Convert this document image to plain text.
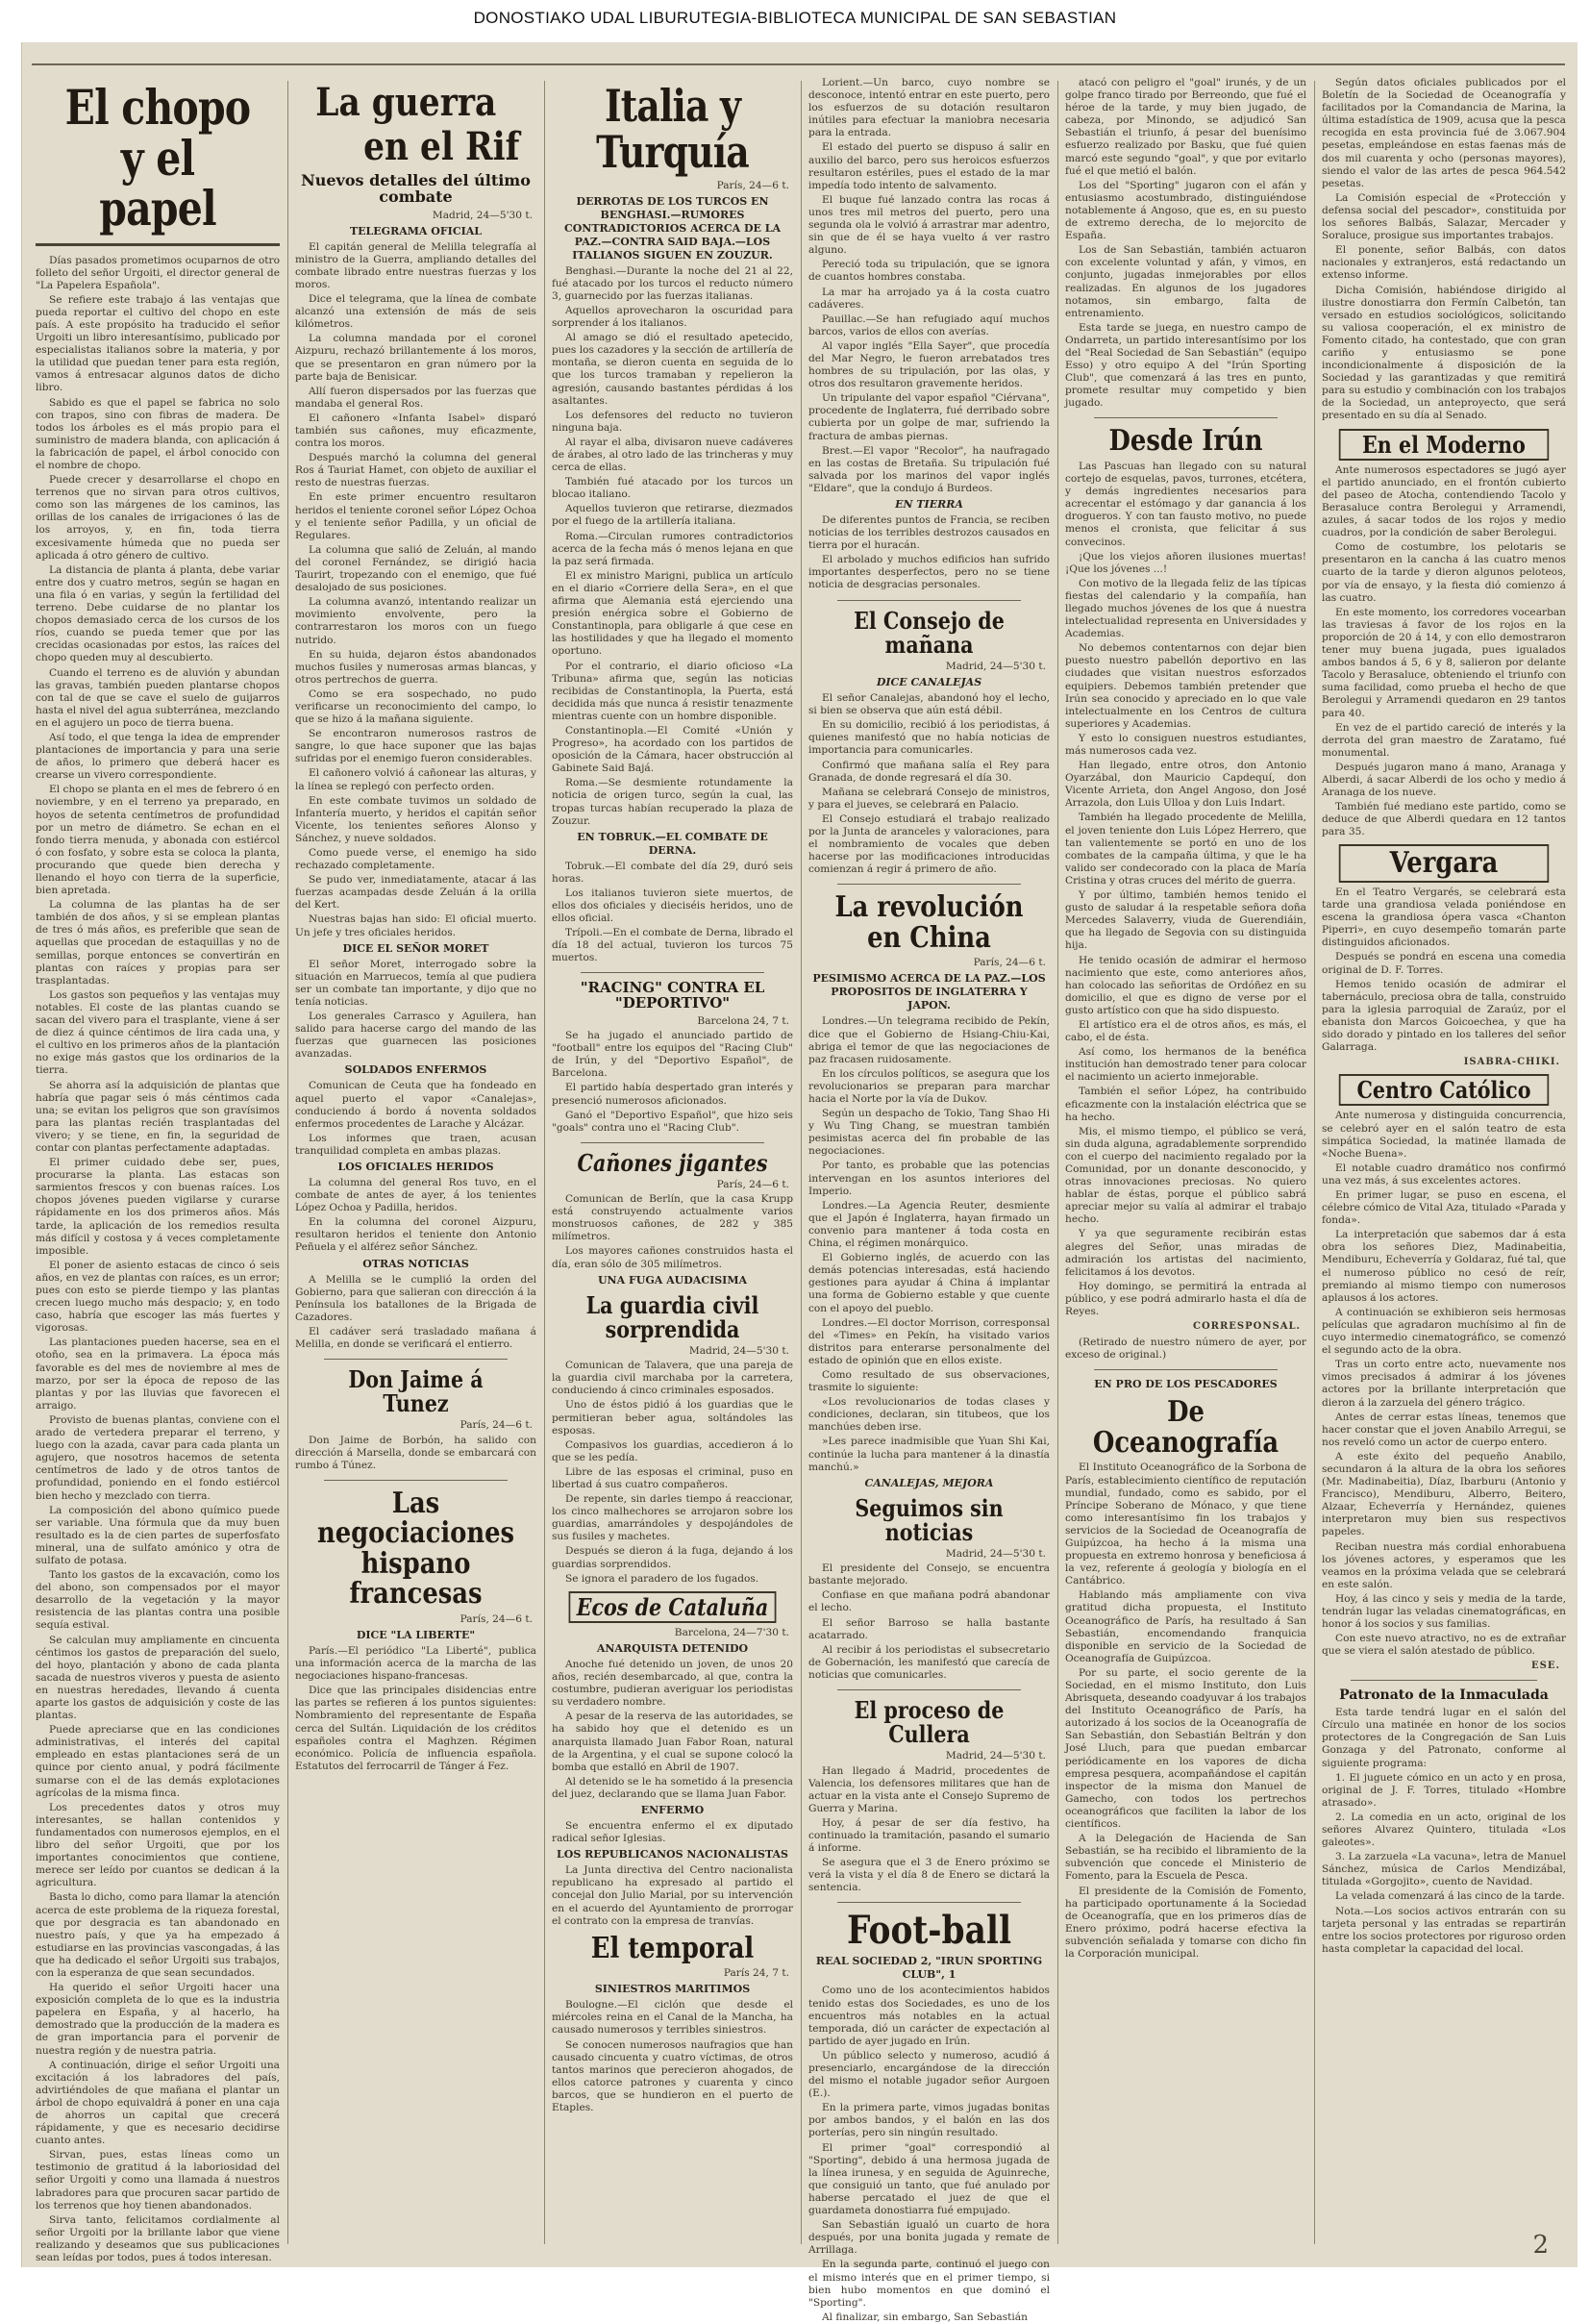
DONOSTIAKO UDAL LIBURUTEGIA-BIBLIOTECA MUNICIPAL DE SAN SEBASTIAN
El chopo y el papel

Días pasados prometimos ocuparnos de otro folleto del señor Urgoiti, el director general de "La Papelera Española".

Se refiere este trabajo á las ventajas que pueda reportar el cultivo del chopo en este país. A este propósito ha traducido el señor Urgoiti un libro interesantísimo, publicado por especialistas italianos sobre la materia, y por la utilidad que puedan tener para esta región, vamos á entresacar algunos datos de dicho libro.

Sabido es que el papel se fabrica no solo con trapos, sino con fibras de madera. De todos los árboles es el más propio para el suministro de madera blanda, con aplicación á la fabricación de papel, el árbol conocido con el nombre de chopo.

Puede crecer y desarrollarse el chopo en terrenos que no sirvan para otros cultivos, como son las márgenes de los caminos, las orillas de los canales de irrigaciones ó las de los arroyos, y, en fin, toda tierra excesivamente húmeda que no pueda ser aplicada á otro género de cultivo.

La distancia de planta á planta, debe variar entre dos y cuatro metros, según se hagan en una fila ó en varias, y según la fertilidad del terreno. Debe cuidarse de no plantar los chopos demasiado cerca de los cursos de los ríos, cuando se pueda temer que por las crecidas ocasionadas por estos, las raíces del chopo queden muy al descubierto.

Cuando el terreno es de aluvión y abundan las gravas, también pueden plantarse chopos con tal de que se cave el suelo de guijarros hasta el nivel del agua subterránea, mezclando en el agujero un poco de tierra buena.

Así todo, el que tenga la idea de emprender plantaciones de importancia y para una serie de años, lo primero que deberá hacer es crearse un vivero correspondiente.

El chopo se planta en el mes de febrero ó en noviembre, y en el terreno ya preparado, en hoyos de setenta centímetros de profundidad por un metro de diámetro. Se echan en el fondo tierra menuda, y abonada con estiércol ó con fosfato, y sobre esta se coloca la planta, procurando que quede bien derecha y llenando el hoyo con tierra de la superficie, bien apretada.

La columna de las plantas ha de ser también de dos años, y si se emplean plantas de tres ó más años, es preferible que sean de aquellas que procedan de estaquillas y no de semillas, porque entonces se convertirán en plantas con raíces y propias para ser trasplantadas.

Los gastos son pequeños y las ventajas muy notables. El coste de las plantas cuando se sacan del vivero para el trasplante, viene á ser de diez á quince céntimos de lira cada una, y el cultivo en los primeros años de la plantación no exige más gastos que los ordinarios de la tierra.

Se ahorra así la adquisición de plantas que habría que pagar seis ó más céntimos cada una; se evitan los peligros que son gravísimos para las plantas recién trasplantadas del vivero; y se tiene, en fin, la seguridad de contar con plantas perfectamente adaptadas.

El primer cuidado debe ser, pues, procurarse la planta. Las estacas son sarmientos frescos y con buenas raíces. Los chopos jóvenes pueden vigilarse y curarse rápidamente en los dos primeros años. Más tarde, la aplicación de los remedios resulta más difícil y costosa y á veces completamente imposible.

El poner de asiento estacas de cinco ó seis años, en vez de plantas con raíces, es un error; pues con esto se pierde tiempo y las plantas crecen luego mucho más despacio; y, en todo caso, habría que escoger las más fuertes y vigorosas.

Las plantaciones pueden hacerse, sea en el otoño, sea en la primavera. La época más favorable es del mes de noviembre al mes de marzo, por ser la época de reposo de las plantas y por las lluvias que favorecen el arraigo.

Provisto de buenas plantas, conviene con el arado de vertedera preparar el terreno, y luego con la azada, cavar para cada planta un agujero, que nosotros hacemos de setenta centímetros de lado y de otros tantos de profundidad, poniendo en el fondo estiércol bien hecho y mezclado con tierra.

La composición del abono químico puede ser variable. Una fórmula que da muy buen resultado es la de cien partes de superfosfato mineral, una de sulfato amónico y otra de sulfato de potasa.

Tanto los gastos de la excavación, como los del abono, son compensados por el mayor desarrollo de la vegetación y la mayor resistencia de las plantas contra una posible sequía estival.

Se calculan muy ampliamente en cincuenta céntimos los gastos de preparación del suelo, del hoyo, plantación y abono de cada planta sacada de nuestros viveros y puesta de asiento en nuestras heredades, llevando á cuenta aparte los gastos de adquisición y coste de las plantas.

Puede apreciarse que en las condiciones administrativas, el interés del capital empleado en estas plantaciones será de un quince por ciento anual, y podrá fácilmente sumarse con el de las demás explotaciones agrícolas de la misma finca.

Los precedentes datos y otros muy interesantes, se hallan contenidos y fundamentados con numerosos ejemplos, en el libro del señor Urgoiti, que por los importantes conocimientos que contiene, merece ser leído por cuantos se dedican á la agricultura.

Basta lo dicho, como para llamar la atención acerca de este problema de la riqueza forestal, que por desgracia es tan abandonado en nuestro país, y que ya ha empezado á estudiarse en las provincias vascongadas, á las que ha dedicado el señor Urgoiti sus trabajos, con la esperanza de que sean secundados.

Ha querido el señor Urgoiti hacer una exposición completa de lo que es la industria papelera en España, y al hacerlo, ha demostrado que la producción de la madera es de gran importancia para el porvenir de nuestra región y de nuestra patria.

A continuación, dirige el señor Urgoiti una excitación á los labradores del país, advirtiéndoles de que mañana el plantar un árbol de chopo equivaldrá á poner en una caja de ahorros un capital que crecerá rápidamente, y que es necesario decidirse cuanto antes.

Sirvan, pues, estas líneas como un testimonio de gratitud á la laboriosidad del señor Urgoiti y como una llamada á nuestros labradores para que procuren sacar partido de los terrenos que hoy tienen abandonados.

Sirva tanto, felicitamos cordialmente al señor Urgoiti por la brillante labor que viene realizando y deseamos que sus publicaciones sean leídas por todos, pues á todos interesan.

La guerra
en el Rif
Nuevos detalles del último combate
Madrid, 24—5'30 t.
TELEGRAMA OFICIAL

El capitán general de Melilla telegrafía al ministro de la Guerra, ampliando detalles del combate librado entre nuestras fuerzas y los moros.

Dice el telegrama, que la línea de combate alcanzó una extensión de más de seis kilómetros.

La columna mandada por el coronel Aizpuru, rechazó brillantemente á los moros, que se presentaron en gran número por la parte baja de Benisicar.

Allí fueron dispersados por las fuerzas que mandaba el general Ros.

El cañonero «Infanta Isabel» disparó también sus cañones, muy eficazmente, contra los moros.

Después marchó la columna del general Ros á Tauriat Hamet, con objeto de auxiliar el resto de nuestras fuerzas.

En este primer encuentro resultaron heridos el teniente coronel señor López Ochoa y el teniente señor Padilla, y un oficial de Regulares.

La columna que salió de Zeluán, al mando del coronel Fernández, se dirigió hacia Taurirt, tropezando con el enemigo, que fué desalojado de sus posiciones.

La columna avanzó, intentando realizar un movimiento envolvente, pero la contrarrestaron los moros con un fuego nutrido.

En su huida, dejaron éstos abandonados muchos fusiles y numerosas armas blancas, y otros pertrechos de guerra.

Como se era sospechado, no pudo verificarse un reconocimiento del campo, lo que se hizo á la mañana siguiente.

Se encontraron numerosos rastros de sangre, lo que hace suponer que las bajas sufridas por el enemigo fueron considerables.

El cañonero volvió á cañonear las alturas, y la línea se replegó con perfecto orden.

En este combate tuvimos un soldado de Infantería muerto, y heridos el capitán señor Vicente, los tenientes señores Alonso y Sánchez, y nueve soldados.

Como puede verse, el enemigo ha sido rechazado completamente.

Se pudo ver, inmediatamente, atacar á las fuerzas acampadas desde Zeluán á la orilla del Kert.

Nuestras bajas han sido: El oficial muerto. Un jefe y tres oficiales heridos.

DICE EL SEÑOR MORET

El señor Moret, interrogado sobre la situación en Marruecos, temía al que pudiera ser un combate tan importante, y dijo que no tenía noticias.

Los generales Carrasco y Aguilera, han salido para hacerse cargo del mando de las fuerzas que guarnecen las posiciones avanzadas.

SOLDADOS ENFERMOS

Comunican de Ceuta que ha fondeado en aquel puerto el vapor «Canalejas», conduciendo á bordo á noventa soldados enfermos procedentes de Larache y Alcázar.

Los informes que traen, acusan tranquilidad completa en ambas plazas.

LOS OFICIALES HERIDOS

La columna del general Ros tuvo, en el combate de antes de ayer, á los tenientes López Ochoa y Padilla, heridos.

En la columna del coronel Aizpuru, resultaron heridos el teniente don Antonio Peñuela y el alférez señor Sánchez.

OTRAS NOTICIAS

A Melilla se le cumplió la orden del Gobierno, para que salieran con dirección á la Península los batallones de la Brigada de Cazadores.

El cadáver será trasladado mañana á Melilla, en donde se verificará el entierro.

Don Jaime á Tunez
París, 24—6 t.

Don Jaime de Borbón, ha salido con dirección á Marsella, donde se embarcará con rumbo á Túnez.

Las negociaciones hispano francesas
París, 24—6 t.
DICE "LA LIBERTE"

París.—El periódico "La Liberté", publica una información acerca de la marcha de las negociaciones hispano-francesas.

Dice que las principales disidencias entre las partes se refieren á los puntos siguientes: Nombramiento del representante de España cerca del Sultán. Liquidación de los créditos españoles contra el Maghzen. Régimen económico. Policía de influencia española. Estatutos del ferrocarril de Tánger á Fez.

Italia y Turquía
París, 24—6 t.
DERROTAS DE LOS TURCOS EN BENGHASI.—RUMORES CONTRADICTORIOS ACERCA DE LA PAZ.—CONTRA SAID BAJA.—LOS ITALIANOS SIGUEN EN ZOUZUR.

Benghasi.—Durante la noche del 21 al 22, fué atacado por los turcos el reducto número 3, guarnecido por las fuerzas italianas.

Aquellos aprovecharon la oscuridad para sorprender á los italianos.

Al amago se dió el resultado apetecido, pues los cazadores y la sección de artillería de montaña, se dieron cuenta en seguida de lo que los turcos tramaban y repelieron la agresión, causando bastantes pérdidas á los asaltantes.

Los defensores del reducto no tuvieron ninguna baja.

Al rayar el alba, divisaron nueve cadáveres de árabes, al otro lado de las trincheras y muy cerca de ellas.

También fué atacado por los turcos un blocao italiano.

Aquellos tuvieron que retirarse, diezmados por el fuego de la artillería italiana.

Roma.—Circulan rumores contradictorios acerca de la fecha más ó menos lejana en que la paz será firmada.

El ex ministro Marigni, publica un artículo en el diario «Corriere della Sera», en el que afirma que Alemania está ejerciendo una presión enérgica sobre el Gobierno de Constantinopla, para obligarle á que cese en las hostilidades y que ha llegado el momento oportuno.

Por el contrario, el diario oficioso «La Tribuna» afirma que, según las noticias recibidas de Constantinopla, la Puerta, está decidida más que nunca á resistir tenazmente mientras cuente con un hombre disponible.

Constantinopla.—El Comité «Unión y Progreso», ha acordado con los partidos de oposición de la Cámara, hacer obstrucción al Gabinete Said Bajá.

Roma.—Se desmiente rotundamente la noticia de origen turco, según la cual, las tropas turcas habían recuperado la plaza de Zouzur.

EN TOBRUK.—EL COMBATE DE DERNA.

Tobruk.—El combate del día 29, duró seis horas.

Los italianos tuvieron siete muertos, de ellos dos oficiales y dieciséis heridos, uno de ellos oficial.

Trípoli.—En el combate de Derna, librado el día 18 del actual, tuvieron los turcos 75 muertos.

"RACING" CONTRA EL "DEPORTIVO"
Barcelona 24, 7 t.

Se ha jugado el anunciado partido de "football" entre los equipos del "Racing Club" de Irún, y del "Deportivo Español", de Barcelona.

El partido había despertado gran interés y presenció numerosos aficionados.

Ganó el "Deportivo Español", que hizo seis "goals" contra uno el "Racing Club".

Cañones jigantes
París, 24—6 t.

Comunican de Berlín, que la casa Krupp está construyendo actualmente varios monstruosos cañones, de 282 y 385 milímetros.

Los mayores cañones construidos hasta el día, eran sólo de 305 milímetros.

UNA FUGA AUDACISIMA
La guardia civil sorprendida
Madrid, 24—5'30 t.

Comunican de Talavera, que una pareja de la guardia civil marchaba por la carretera, conduciendo á cinco criminales esposados.

Uno de éstos pidió á los guardias que le permitieran beber agua, soltándoles las esposas.

Compasivos los guardias, accedieron á lo que se les pedía.

Libre de las esposas el criminal, puso en libertad á sus cuatro compañeros.

De repente, sin darles tiempo á reaccionar, los cinco malhechores se arrojaron sobre los guardias, amarrándoles y despojándoles de sus fusiles y machetes.

Después se dieron á la fuga, dejando á los guardias sorprendidos.

Se ignora el paradero de los fugados.

Ecos de Cataluña
Barcelona, 24—7'30 t.
ANARQUISTA DETENIDO

Anoche fué detenido un joven, de unos 20 años, recién desembarcado, al que, contra la costumbre, pudieran averiguar los periodistas su verdadero nombre.

A pesar de la reserva de las autoridades, se ha sabido hoy que el detenido es un anarquista llamado Juan Fabor Roan, natural de la Argentina, y el cual se supone colocó la bomba que estalló en Abril de 1907.

Al detenido se le ha sometido á la presencia del juez, declarando que se llama Juan Fabor.

ENFERMO

Se encuentra enfermo el ex diputado radical señor Iglesias.

LOS REPUBLICANOS NACIONALISTAS

La Junta directiva del Centro nacionalista republicano ha expresado al partido el concejal don Julio Marial, por su intervención en el acuerdo del Ayuntamiento de prorrogar el contrato con la empresa de tranvías.

El temporal
París 24, 7 t.
SINIESTROS MARITIMOS

Boulogne.—El ciclón que desde el miércoles reina en el Canal de la Mancha, ha causado numerosos y terribles siniestros.

Se conocen numerosos naufragios que han causado cincuenta y cuatro víctimas, de otros tantos marinos que perecieron ahogados, de ellos catorce patrones y cuarenta y cinco barcos, que se hundieron en el puerto de Etaples.

Lorient.—Un barco, cuyo nombre se desconoce, intentó entrar en este puerto, pero los esfuerzos de su dotación resultaron inútiles para efectuar la maniobra necesaria para la entrada.

El estado del puerto se dispuso á salir en auxilio del barco, pero sus heroicos esfuerzos resultaron estériles, pues el estado de la mar impedía todo intento de salvamento.

El buque fué lanzado contra las rocas á unos tres mil metros del puerto, pero una segunda ola le volvió á arrastrar mar adentro, sin que de él se haya vuelto á ver rastro alguno.

Pereció toda su tripulación, que se ignora de cuantos hombres constaba.

La mar ha arrojado ya á la costa cuatro cadáveres.

Pauillac.—Se han refugiado aquí muchos barcos, varios de ellos con averías.

Al vapor inglés "Ella Sayer", que procedía del Mar Negro, le fueron arrebatados tres hombres de su tripulación, por las olas, y otros dos resultaron gravemente heridos.

Un tripulante del vapor español "Ciérvana", procedente de Inglaterra, fué derribado sobre cubierta por un golpe de mar, sufriendo la fractura de ambas piernas.

Brest.—El vapor "Recolor", ha naufragado en las costas de Bretaña. Su tripulación fué salvada por los marinos del vapor inglés "Eldare", que la condujo á Burdeos.

EN TIERRA

De diferentes puntos de Francia, se reciben noticias de los terribles destrozos causados en tierra por el huracán.

El arbolado y muchos edificios han sufrido importantes desperfectos, pero no se tiene noticia de desgracias personales.

El Consejo de mañana
Madrid, 24—5'30 t.
DICE CANALEJAS

El señor Canalejas, abandonó hoy el lecho, si bien se observa que aún está débil.

En su domicilio, recibió á los periodistas, á quienes manifestó que no había noticias de importancia para comunicarles.

Confirmó que mañana salía el Rey para Granada, de donde regresará el día 30.

Mañana se celebrará Consejo de ministros, y para el jueves, se celebrará en Palacio.

El Consejo estudiará el trabajo realizado por la Junta de aranceles y valoraciones, para el nombramiento de vocales que deben hacerse por las modificaciones introducidas comienzan á regir á primero de año.

La revolución en China
París, 24—6 t.
PESIMISMO ACERCA DE LA PAZ.—LOS PROPOSITOS DE INGLATERRA Y JAPON.

Londres.—Un telegrama recibido de Pekín, dice que el Gobierno de Hsiang-Chiu-Kai, abriga el temor de que las negociaciones de paz fracasen ruidosamente.

En los círculos políticos, se asegura que los revolucionarios se preparan para marchar hacia el Norte por la vía de Dukov.

Según un despacho de Tokio, Tang Shao Hi y Wu Ting Chang, se muestran también pesimistas acerca del fin probable de las negociaciones.

Por tanto, es probable que las potencias intervengan en los asuntos interiores del Imperio.

Londres.—La Agencia Reuter, desmiente que el Japón é Inglaterra, hayan firmado un convenio para mantener á toda costa en China, el régimen monárquico.

El Gobierno inglés, de acuerdo con las demás potencias interesadas, está haciendo gestiones para ayudar á China á implantar una forma de Gobierno estable y que cuente con el apoyo del pueblo.

Londres.—El doctor Morrison, corresponsal del «Times» en Pekín, ha visitado varios distritos para enterarse personalmente del estado de opinión que en ellos existe.

Como resultado de sus observaciones, trasmite lo siguiente:

«Los revolucionarios de todas clases y condiciones, declaran, sin titubeos, que los manchúes deben irse.

»Les parece inadmisible que Yuan Shi Kai, continúe la lucha para mantener á la dinastía manchú.»

CANALEJAS, MEJORA
Seguimos sin noticias
Madrid, 24—5'30 t.

El presidente del Consejo, se encuentra bastante mejorado.

Confiase en que mañana podrá abandonar el lecho.

El señor Barroso se halla bastante acatarrado.

Al recibir á los periodistas el subsecretario de Gobernación, les manifestó que carecía de noticias que comunicarles.

El proceso de Cullera
Madrid, 24—5'30 t.

Han llegado á Madrid, procedentes de Valencia, los defensores militares que han de actuar en la vista ante el Consejo Supremo de Guerra y Marina.

Hoy, á pesar de ser día festivo, ha continuado la tramitación, pasando el sumario á informe.

Se asegura que el 3 de Enero próximo se verá la vista y el día 8 de Enero se dictará la sentencia.

Foot-ball
REAL SOCIEDAD 2, "IRUN SPORTING CLUB", 1

Como uno de los acontecimientos habidos tenido estas dos Sociedades, es uno de los encuentros más notables en la actual temporada, dió un carácter de expectación al partido de ayer jugado en Irún.

Un público selecto y numeroso, acudió á presenciarlo, encargándose de la dirección del mismo el notable jugador señor Aurgoen (E.).

En la primera parte, vimos jugadas bonitas por ambos bandos, y el balón en las dos porterías, pero sin ningún resultado.

El primer "goal" correspondió al "Sporting", debido á una hermosa jugada de la línea irunesa, y en seguida de Aguinreche, que consiguió un tanto, que fué anulado por haberse percatado el juez de que el guardameta donostiarra fué empujado.

San Sebastián igualó un cuarto de hora después, por una bonita jugada y remate de Arrillaga.

En la segunda parte, continuó el juego con el mismo interés que en el primer tiempo, si bien hubo momentos en que dominó el "Sporting".

Al finalizar, sin embargo, San Sebastián

atacó con peligro el "goal" irunés, y de un golpe franco tirado por Berreondo, que fué el héroe de la tarde, y muy bien jugado, de cabeza, por Minondo, se adjudicó San Sebastián el triunfo, á pesar del buenísimo esfuerzo realizado por Basku, que fué quien marcó este segundo "goal", y que por evitarlo fué el que metió el balón.

Los del "Sporting" jugaron con el afán y entusiasmo acostumbrado, distinguiéndose notablemente á Angoso, que es, en su puesto de extremo derecha, de lo mejorcito de España.

Los de San Sebastián, también actuaron con excelente voluntad y afán, y vimos, en conjunto, jugadas inmejorables por ellos realizadas. En algunos de los jugadores notamos, sin embargo, falta de entrenamiento.

Esta tarde se juega, en nuestro campo de Ondarreta, un partido interesantísimo por los del "Real Sociedad de San Sebastián" (equipo Esso) y otro equipo A del "Irún Sporting Club", que comenzará á las tres en punto, promete resultar muy competido y bien jugado.

Desde Irún

Las Pascuas han llegado con su natural cortejo de esquelas, pavos, turrones, etcétera, y demás ingredientes necesarios para acrecentar el estómago y dar ganancia á los drogueros. Y con tan fausto motivo, no puede menos el cronista, que felicitar á sus convecinos.

¡Que los viejos añoren ilusiones muertas! ¡Que los jóvenes ...!

Con motivo de la llegada feliz de las típicas fiestas del calendario y la compañía, han llegado muchos jóvenes de los que á nuestra intelectualidad representa en Universidades y Academias.

No debemos contentarnos con dejar bien puesto nuestro pabellón deportivo en las ciudades que visitan nuestros esforzados equipiers. Debemos también pretender que Irún sea conocido y apreciado en lo que vale intelectualmente en los Centros de cultura superiores y Academias.

Y esto lo consiguen nuestros estudiantes, más numerosos cada vez.

Han llegado, entre otros, don Antonio Oyarzábal, don Mauricio Capdequí, don Vicente Arrieta, don Angel Angoso, don José Arrazola, don Luis Ulloa y don Luis Indart.

También ha llegado procedente de Melilla, el joven teniente don Luis López Herrero, que tan valientemente se portó en uno de los combates de la campaña última, y que le ha valido ser condecorado con la placa de María Cristina y otras cruces del mérito de guerra.

Y por último, también hemos tenido el gusto de saludar á la respetable señora doña Mercedes Salaverry, viuda de Guerendiáin, que ha llegado de Segovia con su distinguida hija.

He tenido ocasión de admirar el hermoso nacimiento que este, como anteriores años, han colocado las señoritas de Ordóñez en su domicilio, el que es digno de verse por el gusto artístico con que ha sido dispuesto.

El artístico era el de otros años, es más, el cabo, el de ésta.

Así como, los hermanos de la benéfica institución han demostrado tener para colocar el nacimiento un acierto inmejorable.

También el señor López, ha contribuido eficazmente con la instalación eléctrica que se ha hecho.

Mis, el mismo tiempo, el público se verá, sin duda alguna, agradablemente sorprendido con el cuerpo del nacimiento regalado por la Comunidad, por un donante desconocido, y otras innovaciones preciosas. No quiero hablar de éstas, porque el público sabrá apreciar mejor su valía al admirar el trabajo hecho.

Y ya que seguramente recibirán estas alegres del Señor, unas miradas de admiración los artistas del nacimiento, felicitamos á los devotos.

Hoy domingo, se permitirá la entrada al público, y ese podrá admirarlo hasta el día de Reyes.

CORRESPONSAL.

(Retirado de nuestro número de ayer, por exceso de original.)

EN PRO DE LOS PESCADORES
De Oceanografía

El Instituto Oceanográfico de la Sorbona de París, establecimiento científico de reputación mundial, fundado, como es sabido, por el Príncipe Soberano de Mónaco, y que tiene como interesantísimo fin los trabajos y servicios de la Sociedad de Oceanografía de Guipúzcoa, ha hecho á la misma una propuesta en extremo honrosa y beneficiosa á la vez, referente á geología y biología en el Cantábrico.

Hablando más ampliamente con viva gratitud dicha propuesta, el Instituto Oceanográfico de París, ha resultado á San Sebastián, encomendando franquicia disponible en servicio de la Sociedad de Oceanografía de Guipúzcoa.

Por su parte, el socio gerente de la Sociedad, en el mismo Instituto, don Luis Abrisqueta, deseando coadyuvar á los trabajos del Instituto Oceanográfico de París, ha autorizado á los socios de la Oceanografía de San Sebastián, don Sebastián Beltrán y don José Lluch, para que puedan embarcar periódicamente en los vapores de dicha empresa pesquera, acompañándose el capitán inspector de la misma don Manuel de Gamecho, con todos los pertrechos oceanográficos que faciliten la labor de los científicos.

A la Delegación de Hacienda de San Sebastián, se ha recibido el libramiento de la subvención que concede el Ministerio de Fomento, para la Escuela de Pesca.

El presidente de la Comisión de Fomento, ha participado oportunamente á la Sociedad de Oceanografía, que en los primeros días de Enero próximo, podrá hacerse efectiva la subvención señalada y tomarse con dicho fin la Corporación municipal.

Según datos oficiales publicados por el Boletín de la Sociedad de Oceanografía y facilitados por la Comandancia de Marina, la última estadística de 1909, acusa que la pesca recogida en esta provincia fué de 3.067.904 pesetas, empleándose en estas faenas más de dos mil cuarenta y ocho (personas mayores), siendo el valor de las artes de pesca 964.542 pesetas.

La Comisión especial de «Protección y defensa social del pescador», constituida por los señores Balbás, Salazar, Mercader y Soraluce, prosigue sus importantes trabajos.

El ponente, señor Balbás, con datos nacionales y extranjeros, está redactando un extenso informe.

Dicha Comisión, habiéndose dirigido al ilustre donostiarra don Fermín Calbetón, tan versado en estudios sociológicos, solicitando su valiosa cooperación, el ex ministro de Fomento citado, ha contestado, que con gran cariño y entusiasmo se pone incondicionalmente á disposición de la Sociedad y las garantizadas y que remitirá para su estudio y combinación con los trabajos de la Sociedad, un anteproyecto, que será presentado en su día al Senado.

En el Moderno

Ante numerosos espectadores se jugó ayer el partido anunciado, en el frontón cubierto del paseo de Atocha, contendiendo Tacolo y Berasaluce contra Berolegui y Arramendi, azules, á sacar todos de los rojos y medio cuadros, por la condición de saber Berolegui.

Como de costumbre, los pelotaris se presentaron en la cancha á las cuatro menos cuarto de la tarde y dieron algunos peloteos, por vía de ensayo, y la fiesta dió comienzo á las cuatro.

En este momento, los corredores vocearban las traviesas á favor de los rojos en la proporción de 20 á 14, y con ello demostraron tener muy buena jugada, pues igualados ambos bandos á 5, 6 y 8, salieron por delante Tacolo y Berasaluce, obteniendo el triunfo con suma facilidad, como prueba el hecho de que Berolegui y Arramendi quedaron en 29 tantos para 40.

En vez de el partido careció de interés y la derrota del gran maestro de Zaratamo, fué monumental.

Después jugaron mano á mano, Aranaga y Alberdi, á sacar Alberdi de los ocho y medio á Aranaga de los nueve.

También fué mediano este partido, como se deduce de que Alberdi quedara en 12 tantos para 35.

Vergara

En el Teatro Vergarés, se celebrará esta tarde una grandiosa velada poniéndose en escena la grandiosa ópera vasca «Chanton Piperri», en cuyo desempeño tomarán parte distinguidos aficionados.

Después se pondrá en escena una comedia original de D. F. Torres.

Hemos tenido ocasión de admirar el tabernáculo, preciosa obra de talla, construido para la iglesia parroquial de Zaraúz, por el ebanista don Marcos Goicoechea, y que ha sido dorado y pintado en los talleres del señor Galarraga.

ISABRA-CHIKI.
Centro Católico

Ante numerosa y distinguida concurrencia, se celebró ayer en el salón teatro de esta simpática Sociedad, la matinée llamada de «Noche Buena».

El notable cuadro dramático nos confirmó una vez más, á sus excelentes actores.

En primer lugar, se puso en escena, el célebre cómico de Vital Aza, titulado «Parada y fonda».

La interpretación que sabemos dar á esta obra los señores Diez, Madinabeitia, Mendiburu, Echeverría y Goldaraz, fué tal, que el numeroso público no cesó de reír, premiando al mismo tiempo con numerosos aplausos á los actores.

A continuación se exhibieron seis hermosas películas que agradaron muchísimo al fin de cuyo intermedio cinematográfico, se comenzó el segundo acto de la obra.

Tras un corto entre acto, nuevamente nos vimos precisados á admirar á los jóvenes actores por la brillante interpretación que dieron á la zarzuela del género trágico.

Antes de cerrar estas líneas, tenemos que hacer constar que el joven Anabilo Arregui, se nos reveló como un actor de cuerpo entero.

A este éxito del pequeño Anabilo, secundaron á la altura de la obra los señores (Mr. Madinabeitia), Díaz, Ibarburu (Antonio y Francisco), Mendiburu, Alberro, Beitero, Alzaar, Echeverría y Hernández, quienes interpretaron muy bien sus respectivos papeles.

Reciban nuestra más cordial enhorabuena los jóvenes actores, y esperamos que les veamos en la próxima velada que se celebrará en este salón.

Hoy, á las cinco y seis y media de la tarde, tendrán lugar las veladas cinematográficas, en honor á los socios y sus familias.

Con este nuevo atractivo, no es de extrañar que se viera el salón atestado de público.

ESE.
Patronato de la Inmaculada

Esta tarde tendrá lugar en el salón del Círculo una matinée en honor de los socios protectores de la Congregación de San Luis Gonzaga y del Patronato, conforme al siguiente programa:

1. El juguete cómico en un acto y en prosa, original de J. F. Torres, titulado «Hombre atrasado».

2. La comedia en un acto, original de los señores Alvarez Quintero, titulada «Los galeotes».

3. La zarzuela «La vacuna», letra de Manuel Sánchez, música de Carlos Mendizábal, titulada «Gorgojito», cuento de Navidad.

La velada comenzará á las cinco de la tarde.

Nota.—Los socios activos entrarán con su tarjeta personal y las entradas se repartirán entre los socios protectores por riguroso orden hasta completar la capacidad del local.

2
